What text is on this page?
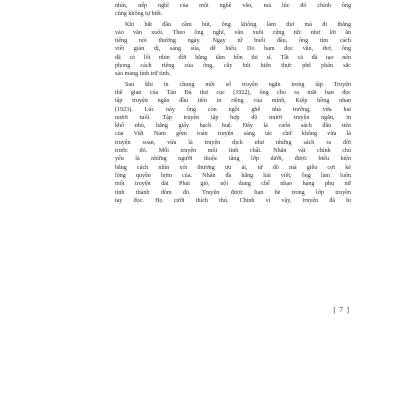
nhìn, nếp nghĩ của một nghề văn, mà lúc đó chính ông
cũng không tự biết.
Khi bắt đầu cầm bút, ông không làm thơ mà đi thẳng
vào văn xuôi. Theo ông nghĩ, văn xuôi cũng tức như lời ăn
tiếng nói thường ngày. Ngay từ buổi đầu, ông tìm cách
viết giản dị, sáng sủa, dễ hiểu. Do ham đọc văn, thơ, ông
đã có lối nhìn đời bằng tâm hồn thi sĩ. Tất cả đã tạo nên
phong cách riêng của ông, cây bút hiện thực phê phán sắc
sảo mang tính trữ tình.
Sau khi in chung một số truyện ngắn trong tập Truyện
thế gian của Tản Đà thư cục (1922), ông cho ra mắt bạn đọc
tập truyện ngắn đầu tiên in riêng của mình, Kiếp hồng nhan
(1923). Lúc này ông còn ngồi ghế nhà trường, vừa hai
mươi tuổi. Tập truyện tập hợp độ mươi truyện ngắn, in
khổ nhỏ, bằng giấy bạch huệ. Đây là cuốn sách đầu tiên
của Việt Nam gồm toàn truyện sáng tác chứ không vừa là
truyện soạn, vừa là truyện dịch như những sách ra đời
trước đó. Mỗi truyện mỗi tình chất. Nhân vật chính chủ
yếu là những người thuộc tầng lớp dưới, được biểu hiện
bằng cách nhìn xót thương ưu ái, từ đó mà giễu cợt kẻ
lộng quyền hợm của. Nhân đà hăng hái viết, ông làm luôn
một truyện dài Phải giò, nội dung chế nhạo hạng phụ nữ
tính thành đỏm đò. Truyện được bạn bè trong lớp truyền
tay đọc. Họ cười thích thú. Chính vì vậy, truyện đã bị
[ 7 ]
